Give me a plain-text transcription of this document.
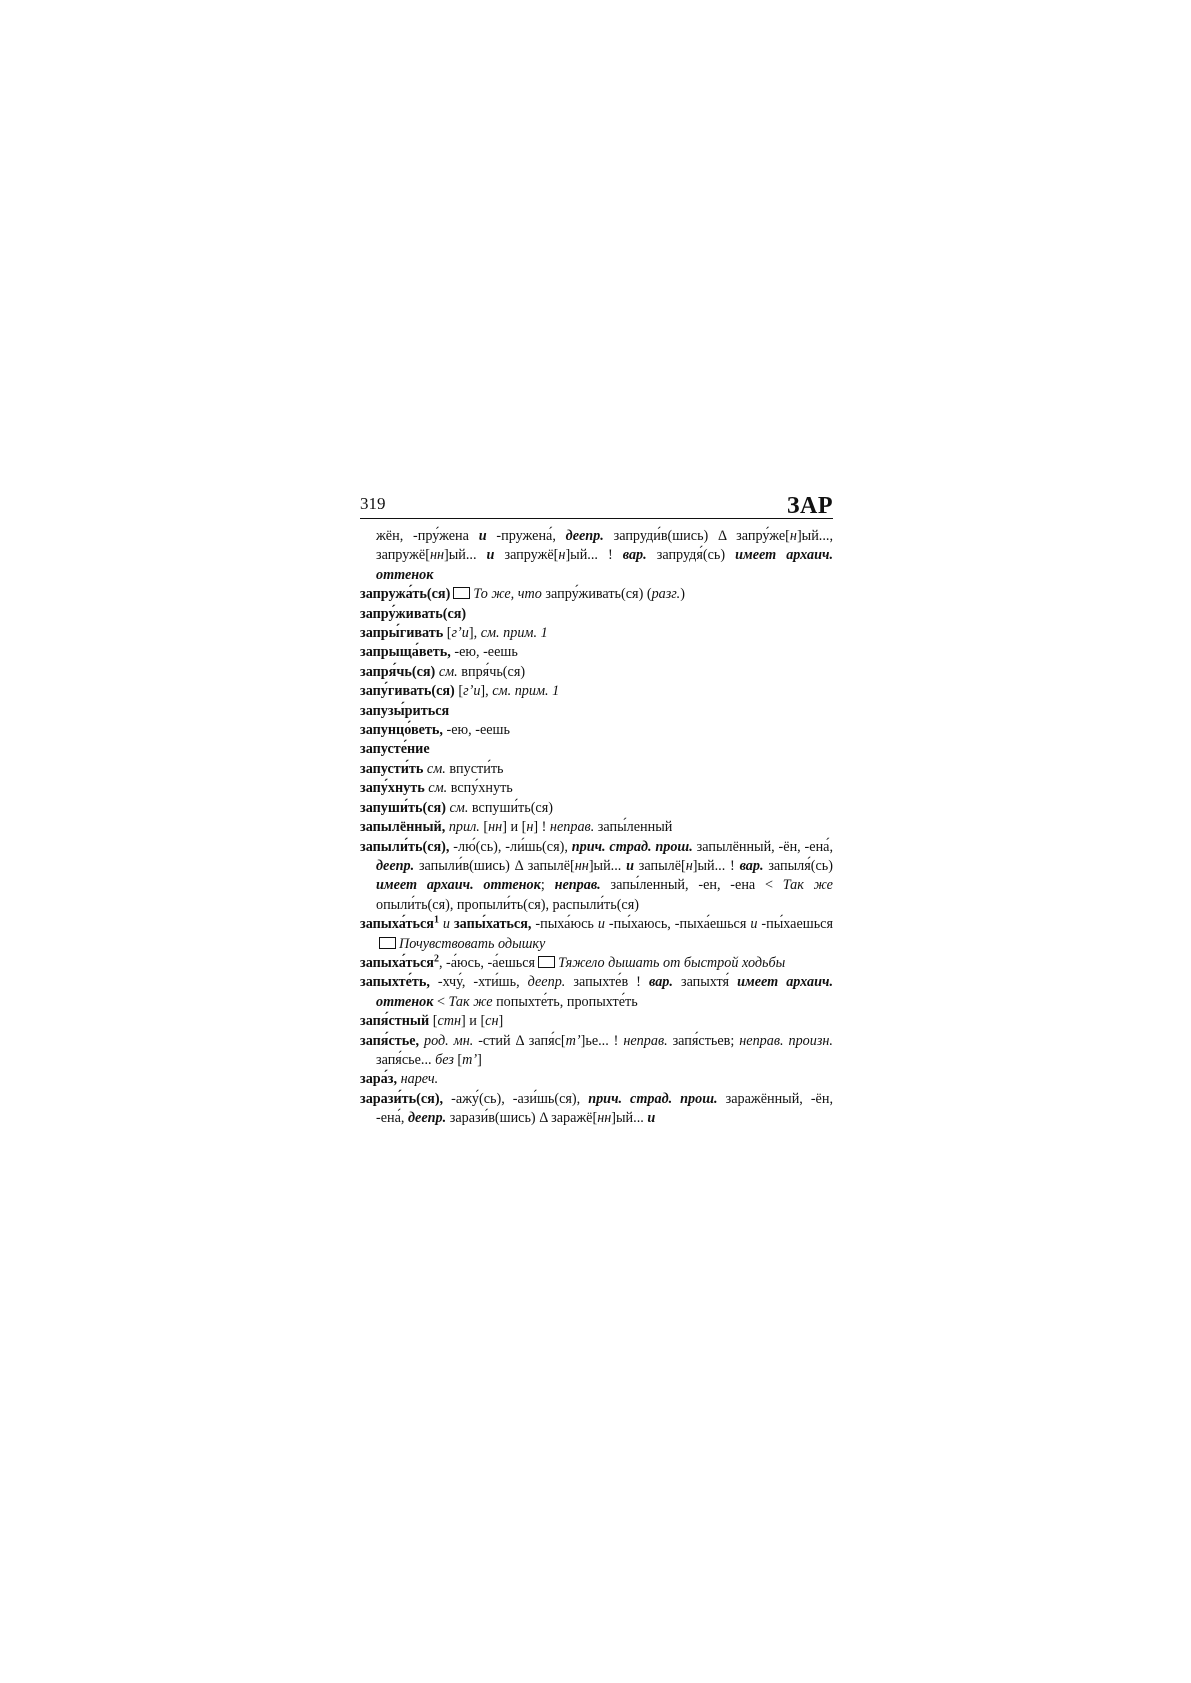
319	ЗАР

жён, -пру́жена и -пружена́, деепр. запруди́в(шись) Δ запру́же[н]ый..., запружё[нн]ый... и запружё[н]ый... ! вар. запрудя́(сь) имеет архаич. оттенок

запружа́ть(ся) То же, что запру́живать(ся) (разг.)

запру́живать(ся)

запры́гивать [гʼи], см. прим. 1

запрыща́веть, -ею, -еешь

запря́чь(ся) см. впря́чь(ся)

запу́гивать(ся) [гʼи], см. прим. 1

запузы́риться

запунцо́веть, -ею, -еешь

запусте́ние

запусти́ть см. впусти́ть

запу́хнуть см. вспу́хнуть

запуши́ть(ся) см. вспуши́ть(ся)

запылённый, прил. [нн] и [н] ! неправ. запы́ленный

запыли́ть(ся), -лю́(сь), -ли́шь(ся), прич. страд. прош. запылённый, -ён, -ена́, деепр. запыли́в(шись) Δ запылё[нн]ый... и запылё[н]ый... ! вар. запыля́(сь) имеет архаич. оттенок; неправ. запы́ленный, -ен, -ена < Так же опыли́ть(ся), пропыли́ть(ся), распыли́ть(ся)

запыха́ться$^1$ и запы́хаться, -пыха́юсь и -пы́хаюсь, -пыха́ешься и -пы́хаешьсяПочувствовать одышку

запыха́ться$^2$, -а́юсь, -а́ешься Тяжело дышать от быстрой ходьбы

запыхте́ть, -хчу́, -хти́шь, деепр. запыхте́в ! вар. запыхтя́ имеет архаич. оттенок < Так же попыхте́ть, пропыхте́ть

запя́стный [стн] и [сн]

запя́стье, род. мн. -стий Δ запя́с[тʼ]ье... ! неправ. запя́стьев; неправ. произн. запя́сье... без [тʼ]

зара́з, нареч.

зарази́ть(ся), -ажу́(сь), -ази́шь(ся), прич. страд. прош. заражённый, -ён, -ена́, деепр. зарази́в(шись) Δ заражё[нн]ый... и
